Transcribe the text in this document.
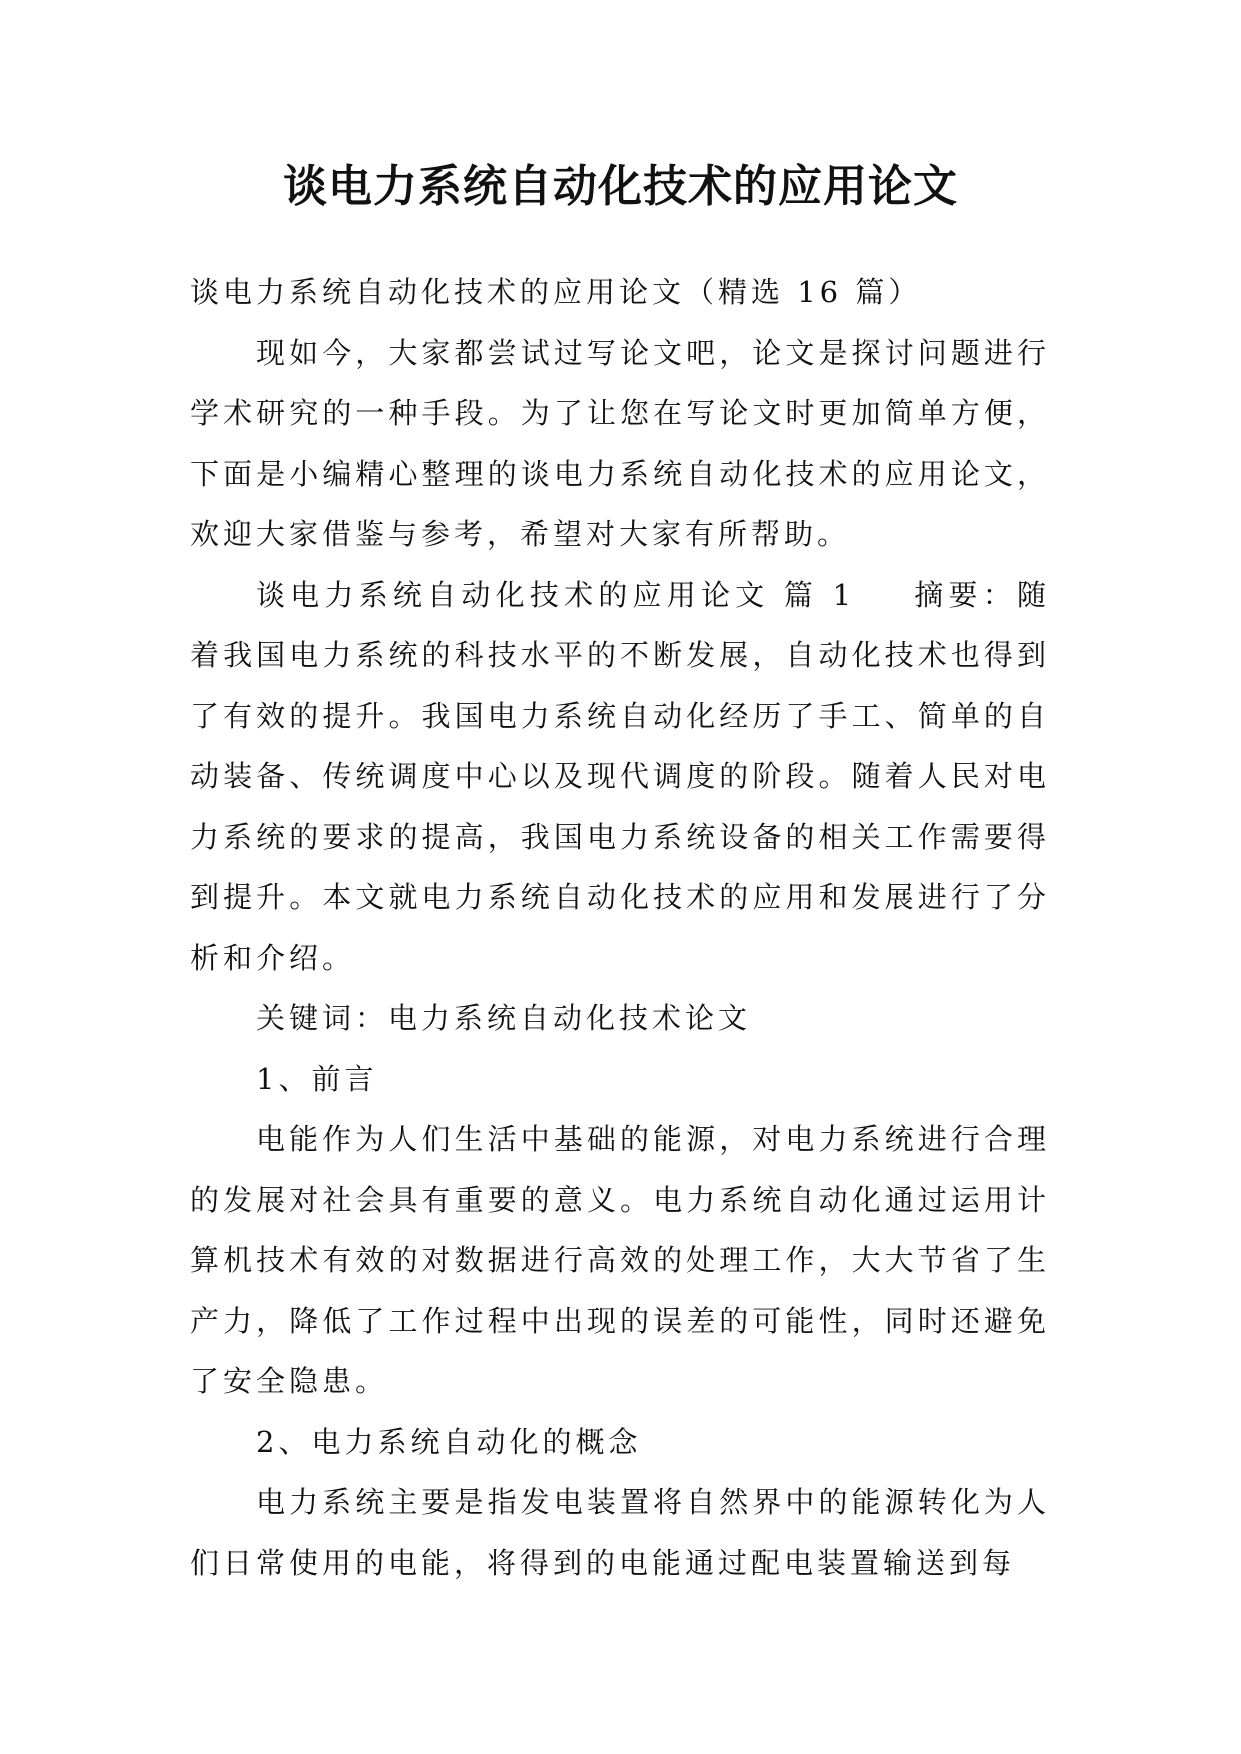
谈电力系统自动化技术的应用论文

谈电力系统自动化技术的应用论文（精选 16 篇）

现如今，大家都尝试过写论文吧，论文是探讨问题进行学术研究的一种手段。为了让您在写论文时更加简单方便，下面是小编精心整理的谈电力系统自动化技术的应用论文，欢迎大家借鉴与参考，希望对大家有所帮助。

谈电力系统自动化技术的应用论文 篇 1 摘要：随着我国电力系统的科技水平的不断发展，自动化技术也得到了有效的提升。我国电力系统自动化经历了手工、简单的自动装备、传统调度中心以及现代调度的阶段。随着人民对电力系统的要求的提高，我国电力系统设备的相关工作需要得到提升。本文就电力系统自动化技术的应用和发展进行了分析和介绍。

关键词：电力系统自动化技术论文

1、前言

电能作为人们生活中基础的能源，对电力系统进行合理的发展对社会具有重要的意义。电力系统自动化通过运用计算机技术有效的对数据进行高效的处理工作，大大节省了生产力，降低了工作过程中出现的误差的可能性，同时还避免了安全隐患。

2、电力系统自动化的概念

电力系统主要是指发电装置将自然界中的能源转化为人们日常使用的电能，将得到的电能通过配电装置输送到每
